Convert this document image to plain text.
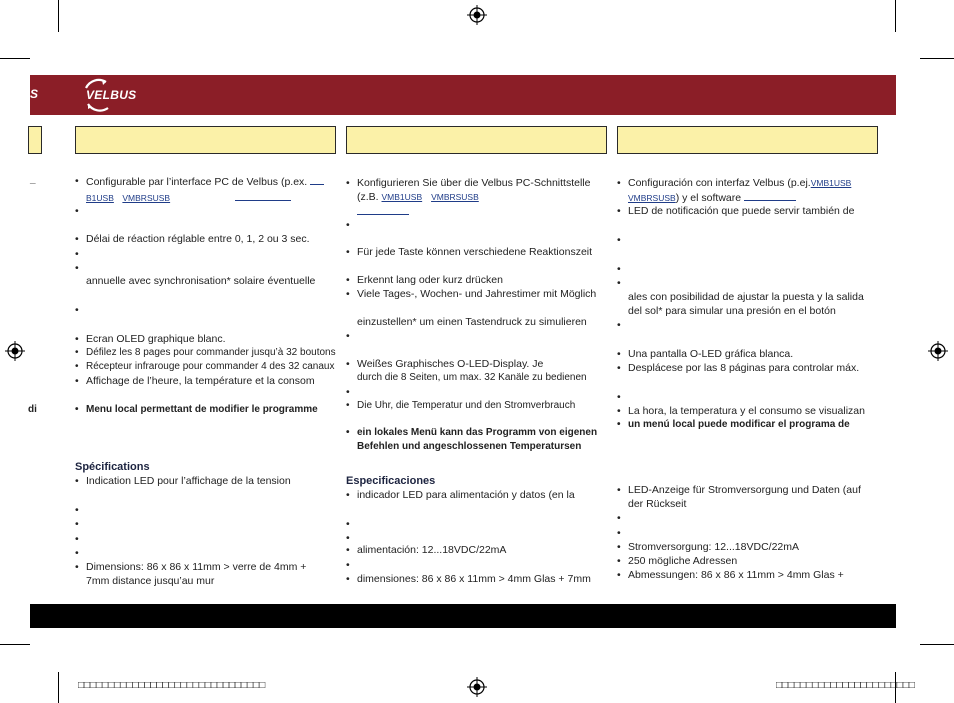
S	VELBUS
_
di
• Configurable par l’interface PC de Velbus (p.ex.
B1USB VMBRSUSB
• Délai de réaction réglable entre 0, 1, 2 ou 3 sec.
annuelle avec synchronisation* solaire éventuelle
• Ecran OLED graphique blanc.
• Défilez les 8 pages pour commander jusqu’à 32 boutons
• Récepteur infrarouge pour commander 4 des 32 canaux
• Affichage de l’heure, la température et la consom
• Menu local permettant de modifier le programme
Spécifications
• Indication LED pour l’affichage de la tension
• Dimensions: 86 x 86 x 11mm > verre de 4mm +
7mm distance jusqu’au mur
• Konfigurieren Sie über die Velbus PC-Schnittstelle
(z.B. VMB1USB VMBRSUSB
• Für jede Taste können verschiedene Reaktionszeit
• Erkennt lang oder kurz drücken
• Viele Tages-, Wochen- und Jahrestimer mit Möglich
einzustellen* um einen Tastendruck zu simulieren
• Weißes Graphisches O-LED-Display. Je
durch die 8 Seiten, um max. 32 Kanäle zu bedienen
• Die Uhr, die Temperatur und den Stromverbrauch
• ein lokales Menü kann das Programm von eigenen
Befehlen und angeschlossenen Temperatursen
Especificaciones
• indicador LED para alimentación y datos (en la
• alimentación: 12...18VDC/22mA
• dimensiones: 86 x 86 x 11mm > 4mm Glas + 7mm
• Configuración con interfaz Velbus (p.ej.VMB1USB
VMBRSUSB) y el software
• LED de notificación que puede servir también de
ales con posibilidad de ajustar la puesta y la salida
del sol* para simular una presión en el botón
• Una pantalla O-LED gráfica blanca.
• Desplácese por las 8 páginas para controlar máx.
• La hora, la temperatura y el consumo se visualizan
• un menú local puede modificar el programa de
• LED-Anzeige für Stromversorgung und Daten (auf
der Rückseit
• Stromversorgung: 12...18VDC/22mA
• 250 mögliche Adressen
• Abmessungen: 86 x 86 x 11mm > 4mm Glas +
□□□□□□□□□□□□□□□□□□□□□□□□□□□□□□□	□□□□□□□□□□□□□□□□□□□□□□□
